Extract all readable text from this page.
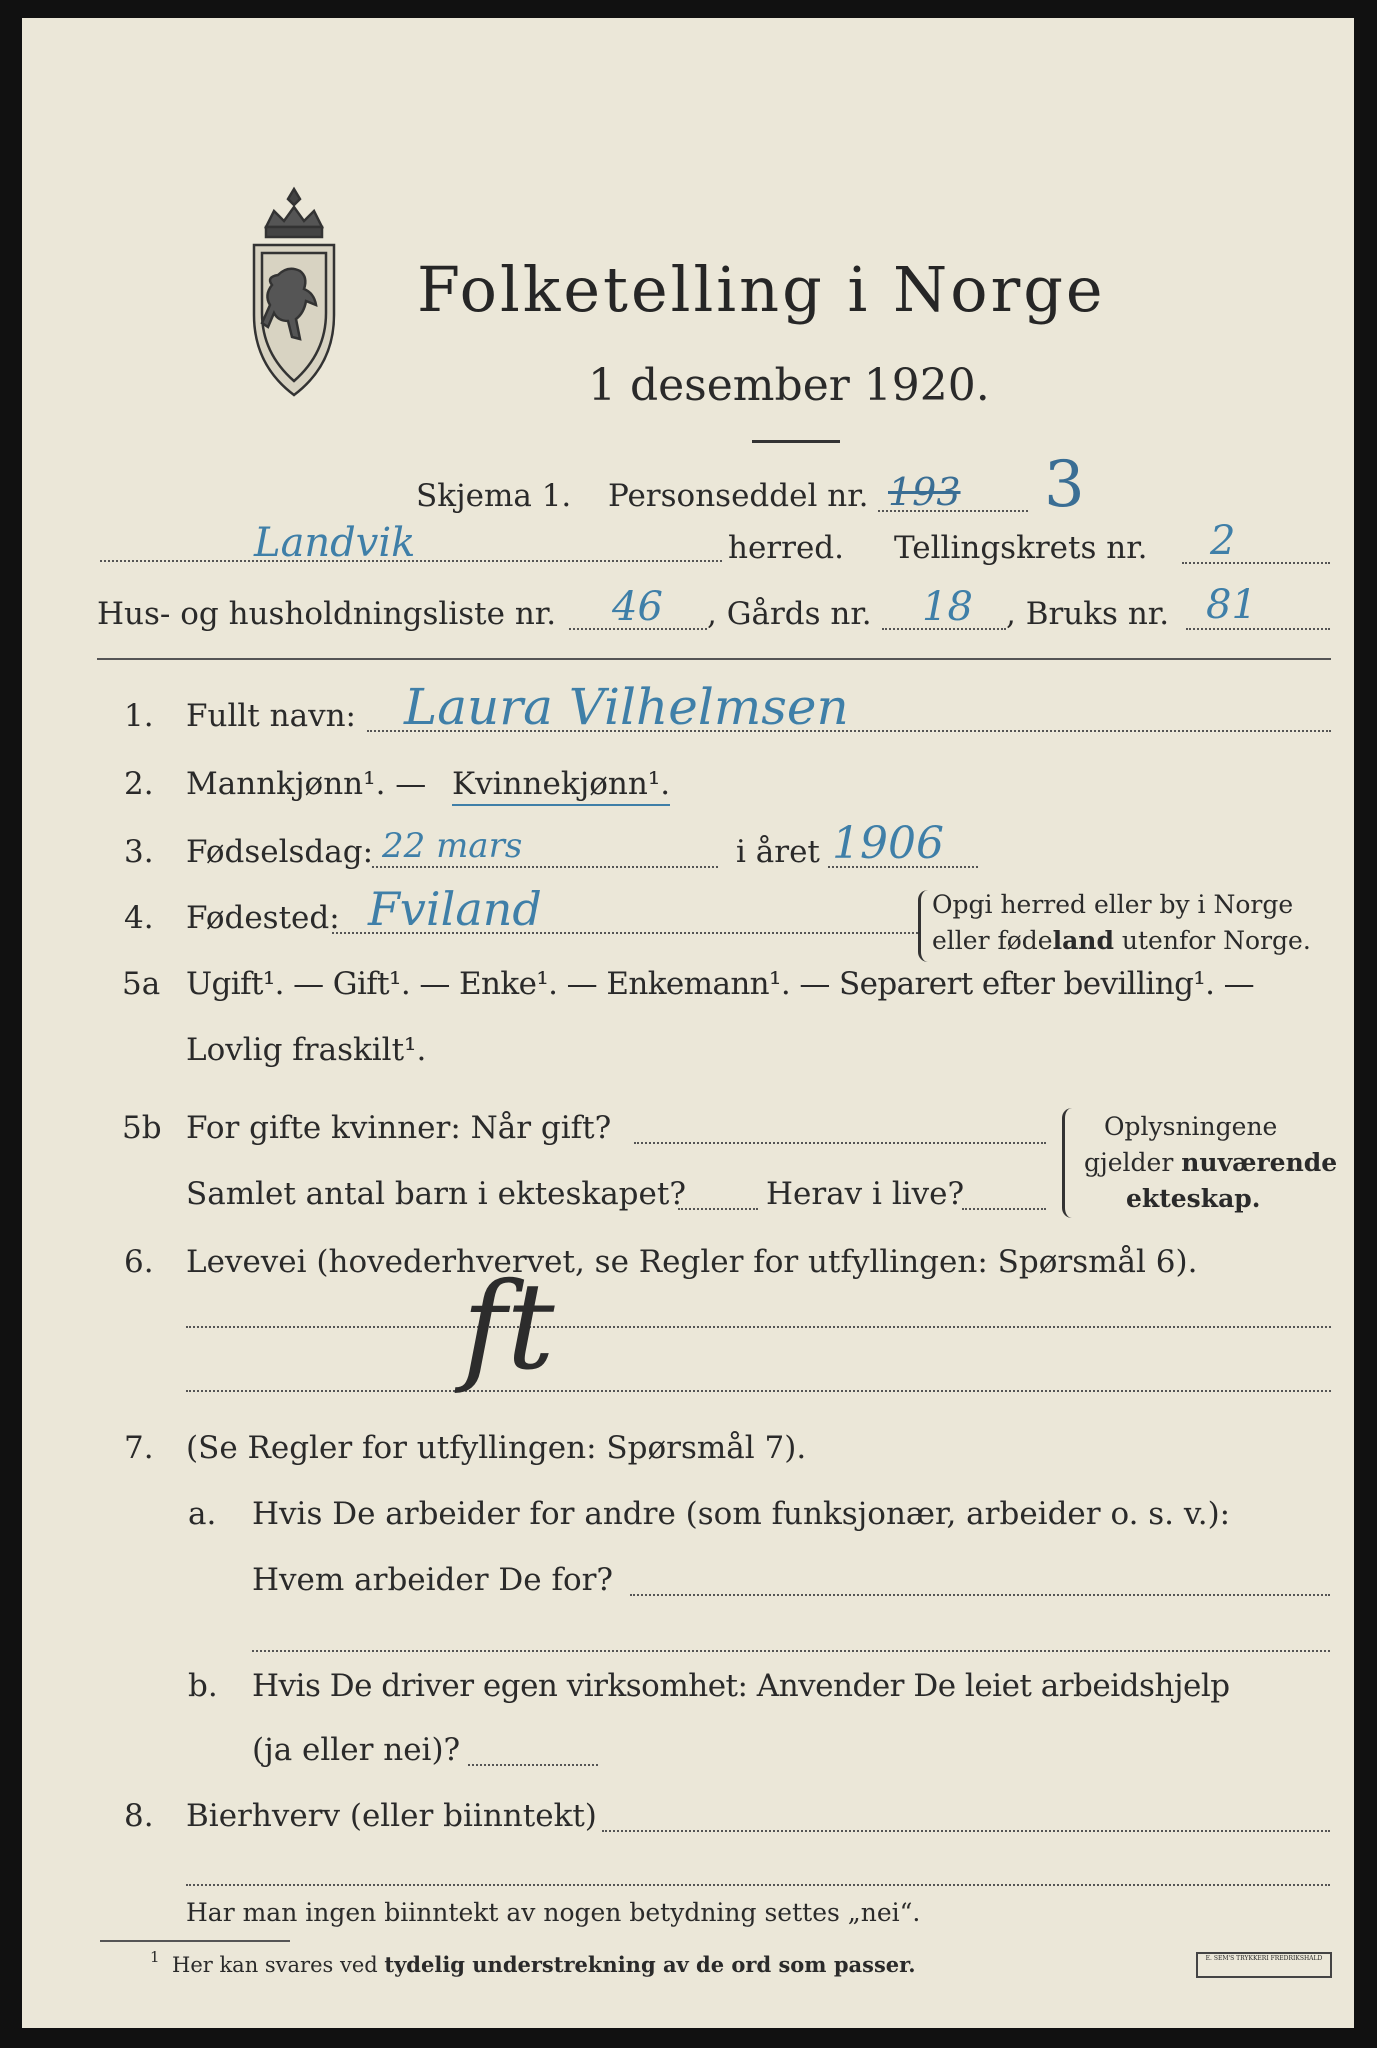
Folketelling i Norge
1 desember 1920.
Skjema 1. Personseddel nr. 193 3
Landvik	herred. Tellingskrets nr. 2
Hus- og husholdningsliste nr. 46 , Gårds nr. 18 , Bruks nr. 81
1. Fullt navn: Laura Vilhelmsen
2. Mannkjønn¹. — Kvinnekjønn¹.
3. Fødselsdag: 22 mars	i året 1906
4. Fødested: Fviland	Opgi herred eller by i Norge
eller fødeland utenfor Norge.
5a Ugift¹. — Gift¹. — Enke¹. — Enkemann¹. — Separert efter bevilling¹. —
Lovlig fraskilt¹.
5b For gifte kvinner: Når gift?
Samlet antal barn i ekteskapet?	Herav i live?
Oplysningene
gjelder nuværende
ekteskap.
6. Levevei (hovederhvervet, se Regler for utfyllingen: Spørsmål 6).
ft
7. (Se Regler for utfyllingen: Spørsmål 7).
a. Hvis De arbeider for andre (som funksjonær, arbeider o. s. v.):
Hvem arbeider De for?
b. Hvis De driver egen virksomhet: Anvender De leiet arbeidshjelp
(ja eller nei)?
8. Bierhverv (eller biinntekt)
Har man ingen biinntekt av nogen betydning settes „nei“.
1 Her kan svares ved tydelig understrekning av de ord som passer.	E. SEM'S TRYKKERI FREDRIKSHALD
